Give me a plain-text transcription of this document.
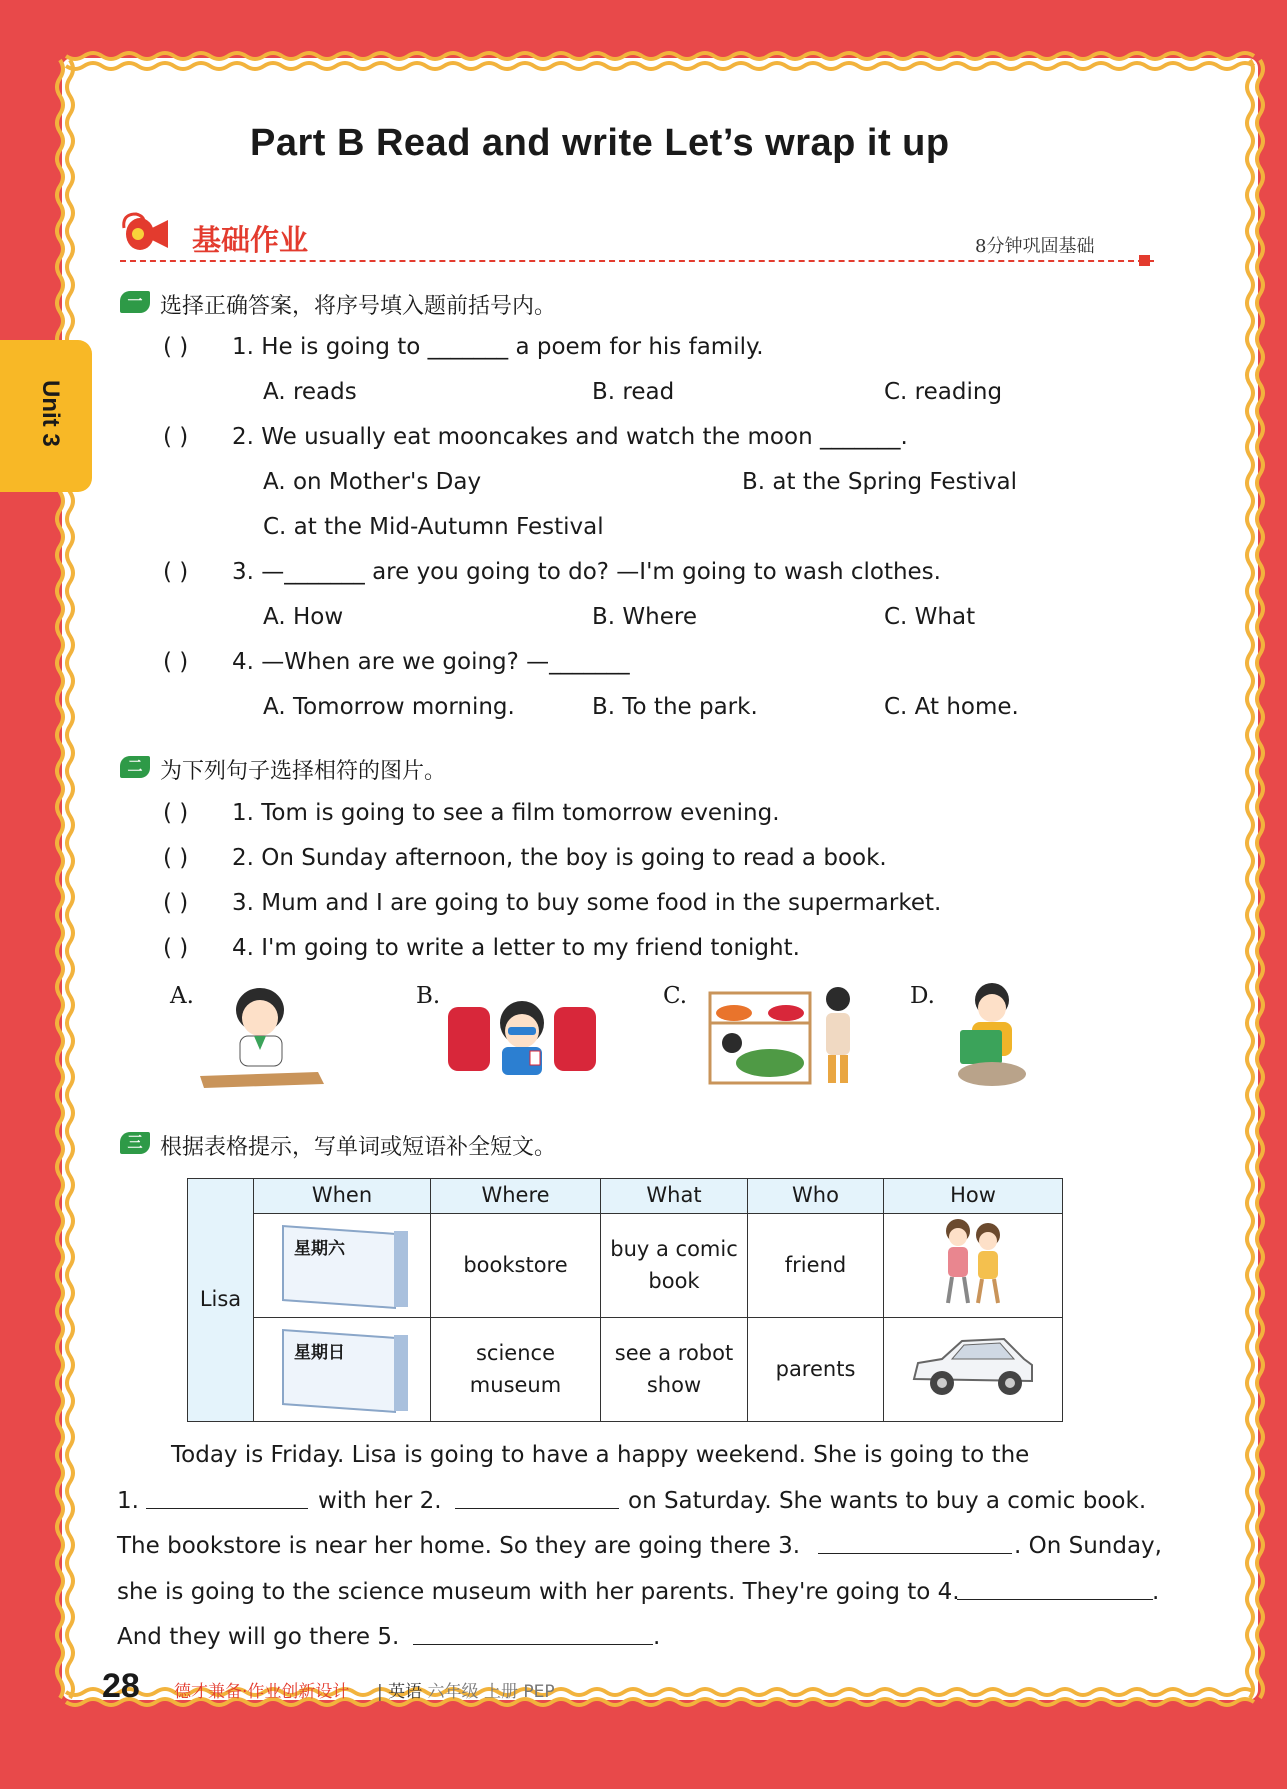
Unit 3
Part B Read and write Let’s wrap it up
基础作业	8分钟巩固基础
一 选择正确答案，将序号填入题前括号内。
( ) 1. He is going to _______ a poem for his family.
A. reads	B. read	C. reading
( ) 2. We usually eat mooncakes and watch the moon _______.
A. on Mother's Day	B. at the Spring Festival
C. at the Mid-Autumn Festival
( ) 3. —_______ are you going to do? —I'm going to wash clothes.
A. How	B. Where	C. What
( ) 4. —When are we going? —_______
A. Tomorrow morning.	B. To the park.	C. At home.
二 为下列句子选择相符的图片。
( ) 1. Tom is going to see a film tomorrow evening.
( ) 2. On Sunday afternoon, the boy is going to read a book.
( ) 3. Mum and I are going to buy some food in the supermarket.
( ) 4. I'm going to write a letter to my friend tonight.
A.	B.	C.	D.
三 根据表格提示，写单词或短语补全短文。
Lisa	When	Where	What	Who	How

	星期六	bookstore	buy a comic book	friend	

	星期日	science museum	see a robot show	parents	
Today is Friday. Lisa is going to have a happy weekend. She is going to the
1.	with her 2.	on Saturday. She wants to buy a comic book.
The bookstore is near her home. So they are going there 3.	. On Sunday,
she is going to the science museum with her parents. They're going to 4.	.
And they will go there 5.	.
28 德才兼备·作业创新设计 | 英语 六年级 上册 PEP
